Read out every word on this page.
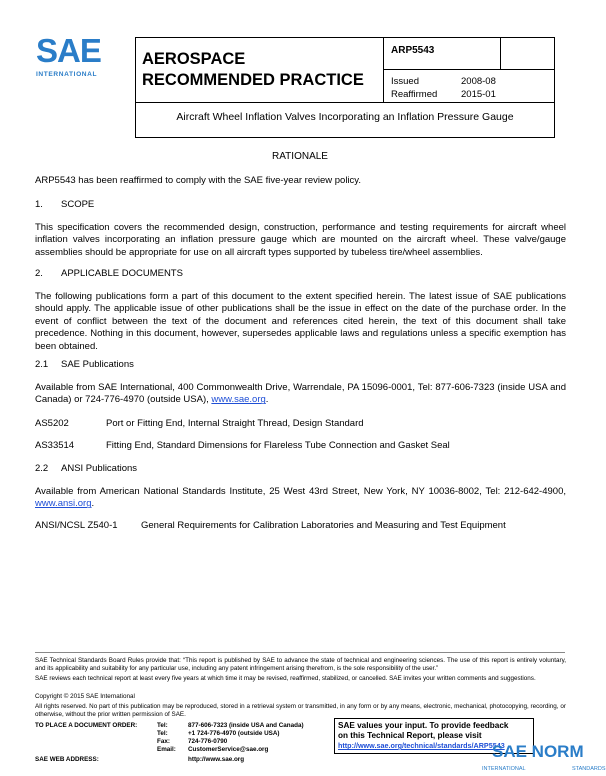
SAE
INTERNATIONAL
AEROSPACE
RECOMMENDED PRACTICE
ARP5543
Issued	2008-08
Reaffirmed 2015-01
Aircraft Wheel Inflation Valves Incorporating an Inflation Pressure Gauge
RATIONALE
ARP5543 has been reaffirmed to comply with the SAE five-year review policy.
1. SCOPE
This specification covers the recommended design, construction, performance and testing requirements for aircraft wheel inflation valves incorporating an inflation pressure gauge which are mounted on the aircraft wheel. These valve/gauge assemblies should be appropriate for use on all aircraft types supported by tubeless tire/wheel assemblies.
2. APPLICABLE DOCUMENTS
The following publications form a part of this document to the extent specified herein. The latest issue of SAE publications should apply. The applicable issue of other publications shall be the issue in effect on the date of the purchase order. In the event of conflict between the text of the document and references cited herein, the text of this document shall take precedence. Nothing in this document, however, supersedes applicable laws and regulations unless a specific exemption has been obtained.
2.1 SAE Publications
Available from SAE International, 400 Commonwealth Drive, Warrendale, PA 15096-0001, Tel: 877-606-7323 (inside USA and Canada) or 724-776-4970 (outside USA), www.sae.org.
AS5202	Port or Fitting End, Internal Straight Thread, Design Standard
AS33514	Fitting End, Standard Dimensions for Flareless Tube Connection and Gasket Seal
2.2 ANSI Publications
Available from American National Standards Institute, 25 West 43rd Street, New York, NY 10036-8002, Tel: 212-642-4900, www.ansi.org.
ANSI/NCSL Z540-1 General Requirements for Calibration Laboratories and Measuring and Test Equipment
SAE Technical Standards Board Rules provide that: “This report is published by SAE to advance the state of technical and engineering sciences. The use of this report is entirely voluntary, and its applicability and suitability for any particular use, including any patent infringement arising therefrom, is the sole responsibility of the user.”
SAE reviews each technical report at least every five years at which time it may be revised, reaffirmed, stabilized, or cancelled. SAE invites your written comments and suggestions.
Copyright © 2015 SAE International
All rights reserved. No part of this publication may be reproduced, stored in a retrieval system or transmitted, in any form or by any means, electronic, mechanical, photocopying, recording, or otherwise, without the prior written permission of SAE.
TO PLACE A DOCUMENT ORDER:	Tel:	877-606-7323 (inside USA and Canada)
Tel:	+1 724-776-4970 (outside USA)
Fax:	724-776-0790
Email: CustomerService@sae.org
SAE WEB ADDRESS:	http://www.sae.org
SAE values your input. To provide feedback
on this Technical Report, please visit
http://www.sae.org/technical/standards/ARP5543
SAE NORM
INTERNATIONAL	STANDARDS
